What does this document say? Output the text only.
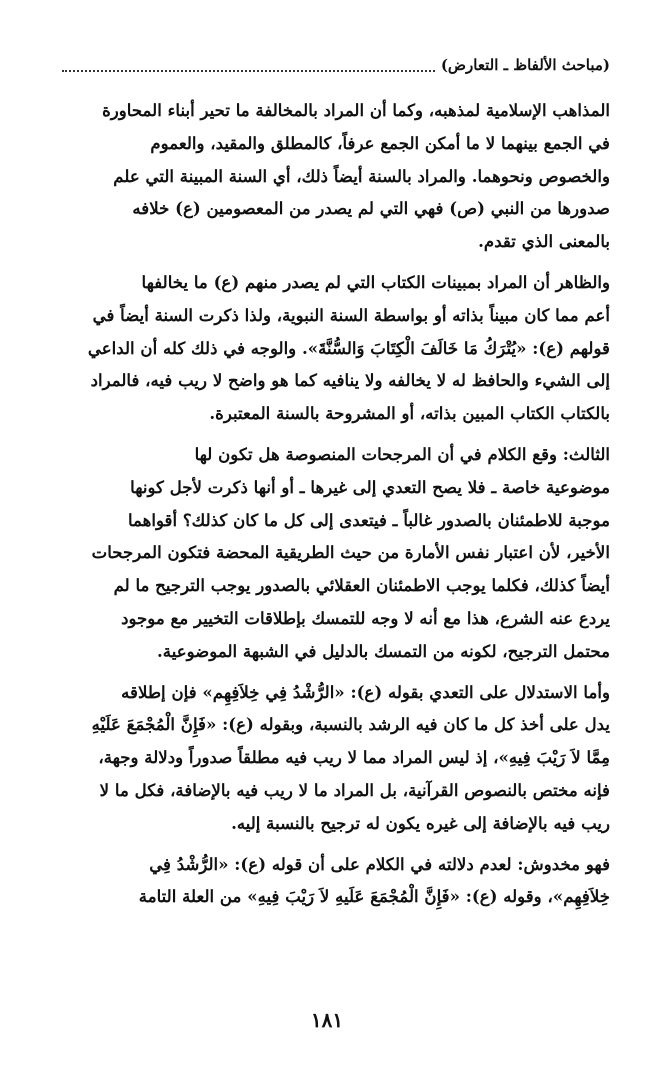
(مباحث الألفاظ ـ التعارض)
المذاهب الإسلامية لمذهبه، وكما أن المراد بالمخالفة ما تحير أبناء المحاورة
في الجمع بينهما لا ما أمكن الجمع عرفاً، كالمطلق والمقيد، والعموم
والخصوص ونحوهما. والمراد بالسنة أيضاً ذلك، أي السنة المبينة التي علم
صدورها من النبي (ص) فهي التي لم يصدر من المعصومين (ع) خلافه
بالمعنى الذي تقدم.
والظاهر أن المراد بمبينات الكتاب التي لم يصدر منهم (ع) ما يخالفها
أعم مما كان مبيناً بذاته أو بواسطة السنة النبوية، ولذا ذكرت السنة أيضاً في
قولهم (ع): «يُتْرَكُ مَا خَالَفَ الْكِتَابَ وَالسُّنَّةَ». والوجه في ذلك كله أن الداعي
إلى الشيء والحافظ له لا يخالفه ولا ينافيه كما هو واضح لا ريب فيه، فالمراد
بالكتاب الكتاب المبين بذاته، أو المشروحة بالسنة المعتبرة.
الثالث: وقع الكلام في أن المرجحات المنصوصة هل تكون لها
موضوعية خاصة ـ فلا يصح التعدي إلى غيرها ـ أو أنها ذكرت لأجل كونها
موجبة للاطمئنان بالصدور غالباً ـ فيتعدى إلى كل ما كان كذلك؟ أقواهما
الأخير، لأن اعتبار نفس الأمارة من حيث الطريقية المحضة فتكون المرجحات
أيضاً كذلك، فكلما يوجب الاطمئنان العقلائي بالصدور يوجب الترجيح ما لم
يردع عنه الشرع، هذا مع أنه لا وجه للتمسك بإطلاقات التخيير مع موجود
محتمل الترجيح، لكونه من التمسك بالدليل في الشبهة الموضوعية.
وأما الاستدلال على التعدي بقوله (ع): «الرُّشْدُ فِي خِلاَفِهِم» فإن إطلاقه
يدل على أخذ كل ما كان فيه الرشد بالنسبة، وبقوله (ع): «فَإِنَّ الْمُجْمَعَ عَلَيْهِ
مِمَّا لاَ رَيْبَ فِيهِ»، إذ ليس المراد مما لا ريب فيه مطلقاً صدوراً ودلالة وجهة،
فإنه مختص بالنصوص القرآنية، بل المراد ما لا ريب فيه بالإضافة، فكل ما لا
ريب فيه بالإضافة إلى غيره يكون له ترجيح بالنسبة إليه.
فهو مخدوش: لعدم دلالته في الكلام على أن قوله (ع): «الرُّشْدُ فِي
خِلاَفِهِم»، وقوله (ع): «فَإِنَّ الْمُجْمَعَ عَلَيهِ لاَ رَيْبَ فِيهِ» من العلة التامة
١٨١
